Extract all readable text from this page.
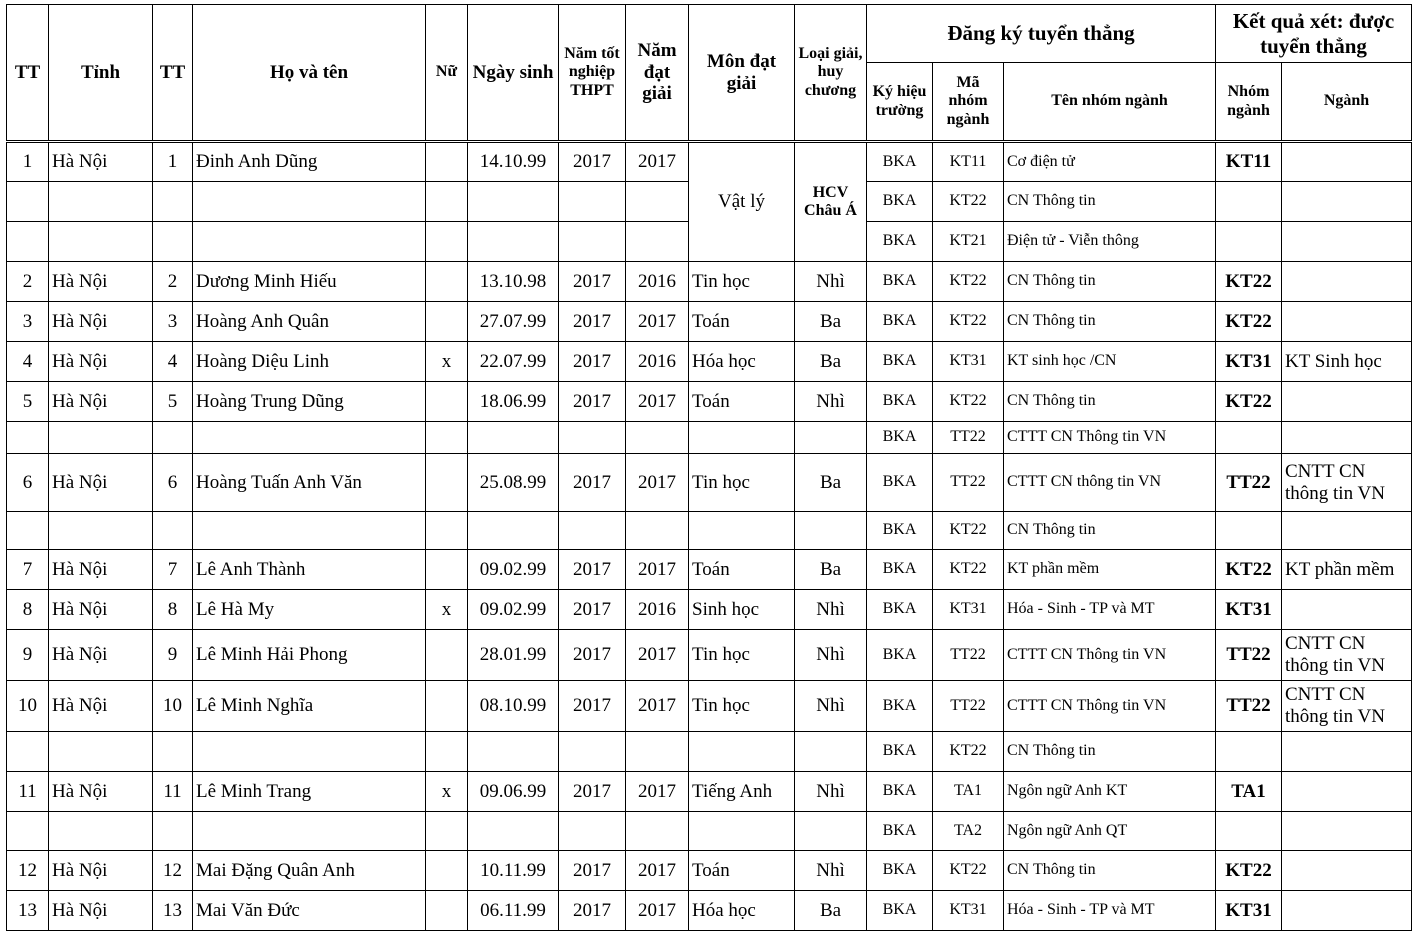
TT	Tỉnh	TT	Họ và tên	Nữ	Ngày sinh	Năm tốt nghiệp THPT	Năm đạt giải	Môn đạt giải	Loại giải, huy chương	Đăng ký tuyển thẳng			Kết quả xét: được tuyển thẳng	
										Ký hiệu trường	Mã nhóm ngành	Tên nhóm ngành	Nhóm ngành	Ngành
1	Hà Nội	1	Đinh Anh Dũng		14.10.99	2017	2017	Vật lý	HCV Châu Á	BKA	KT11	Cơ điện tử	KT11	
										BKA	KT22	CN Thông tin		
										BKA	KT21	Điện tử - Viễn thông		
2	Hà Nội	2	Dương Minh Hiếu		13.10.98	2017	2016	Tin học	Nhì	BKA	KT22	CN Thông tin	KT22	
3	Hà Nội	3	Hoàng Anh Quân		27.07.99	2017	2017	Toán	Ba	BKA	KT22	CN Thông tin	KT22	
4	Hà Nội	4	Hoàng Diệu Linh	x	22.07.99	2017	2016	Hóa học	Ba	BKA	KT31	KT sinh học /CN	KT31	KT Sinh học
5	Hà Nội	5	Hoàng Trung Dũng		18.06.99	2017	2017	Toán	Nhì	BKA	KT22	CN Thông tin	KT22	
										BKA	TT22	CTTT CN Thông tin VN		
6	Hà Nội	6	Hoàng Tuấn Anh Văn		25.08.99	2017	2017	Tin học	Ba	BKA	TT22	CTTT CN thông tin VN	TT22	CNTT CN thông tin VN
										BKA	KT22	CN Thông tin		
7	Hà Nội	7	Lê Anh Thành		09.02.99	2017	2017	Toán	Ba	BKA	KT22	KT phần mềm	KT22	KT phần mềm
8	Hà Nội	8	Lê Hà My	x	09.02.99	2017	2016	Sinh học	Nhì	BKA	KT31	Hóa - Sinh - TP và MT	KT31	
9	Hà Nội	9	Lê Minh Hải Phong		28.01.99	2017	2017	Tin học	Nhì	BKA	TT22	CTTT CN Thông tin VN	TT22	CNTT CN thông tin VN
10	Hà Nội	10	Lê Minh Nghĩa		08.10.99	2017	2017	Tin học	Nhì	BKA	TT22	CTTT CN Thông tin VN	TT22	CNTT CN thông tin VN
										BKA	KT22	CN Thông tin		
11	Hà Nội	11	Lê Minh Trang	x	09.06.99	2017	2017	Tiếng Anh	Nhì	BKA	TA1	Ngôn ngữ Anh KT	TA1	
										BKA	TA2	Ngôn ngữ Anh QT		
12	Hà Nội	12	Mai Đặng Quân Anh		10.11.99	2017	2017	Toán	Nhì	BKA	KT22	CN Thông tin	KT22	
13	Hà Nội	13	Mai Văn Đức		06.11.99	2017	2017	Hóa học	Ba	BKA	KT31	Hóa - Sinh - TP và MT	KT31	
